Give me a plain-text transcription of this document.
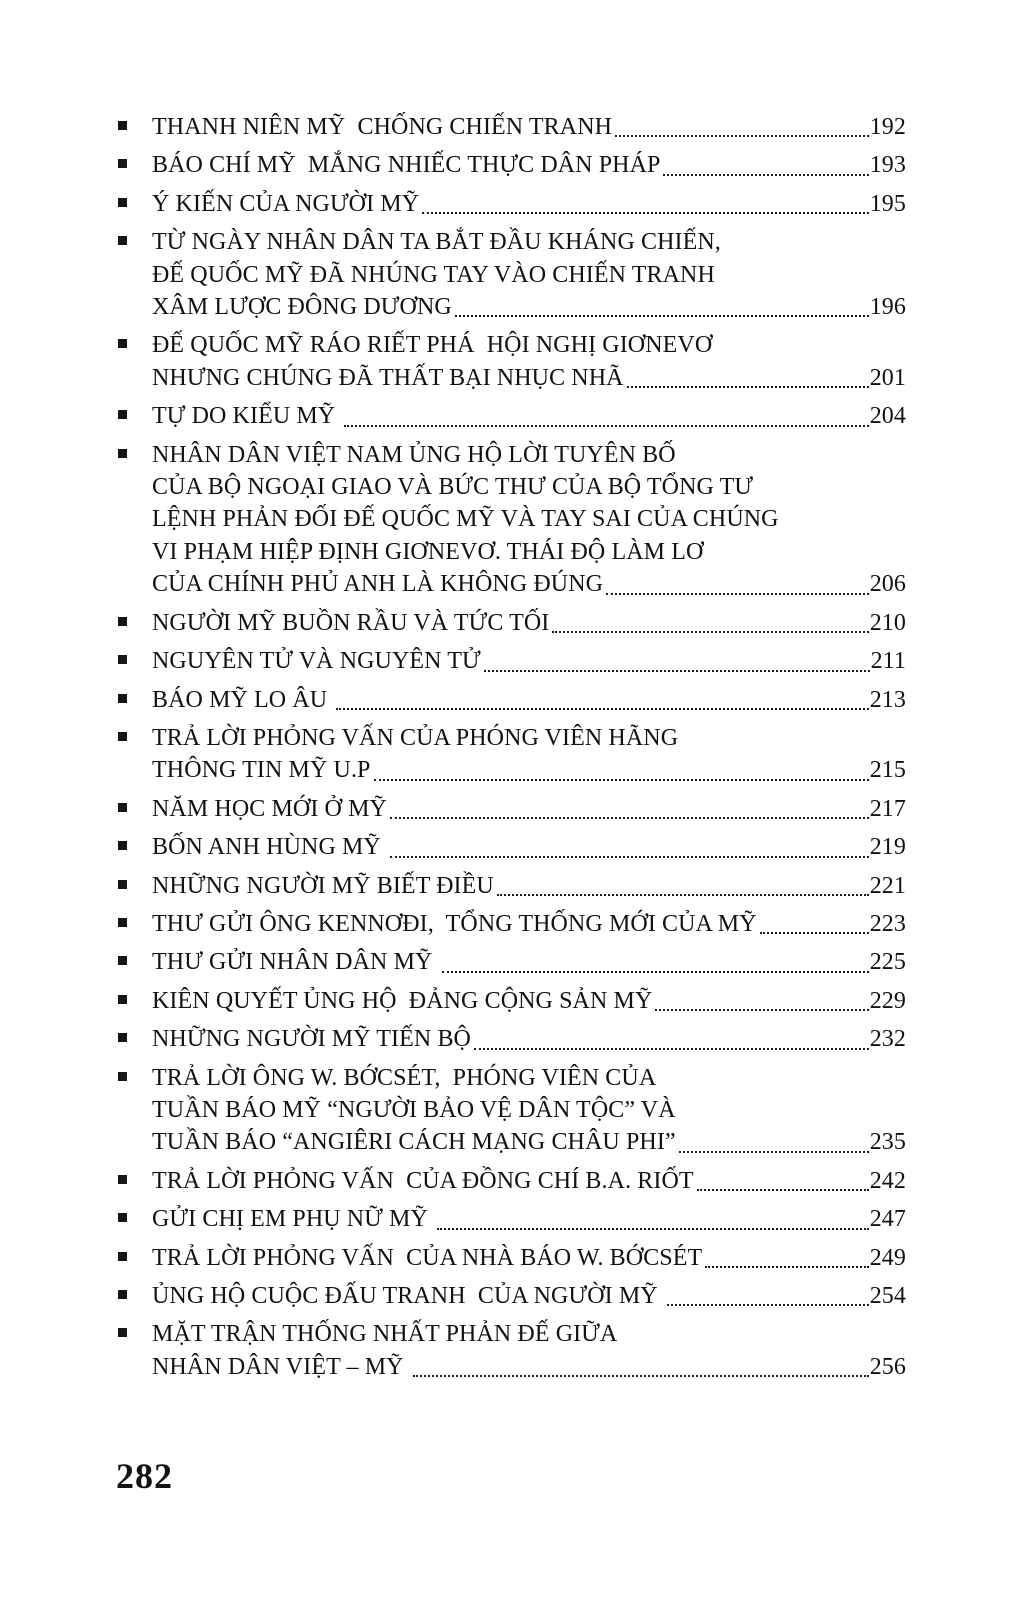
THANH NIÊN MỸ  CHỐNG CHIẾN TRANH	192
BÁO CHÍ MỸ  MẮNG NHIẾC THỰC DÂN PHÁP	193
Ý KIẾN CỦA NGƯỜI MỸ	195
TỪ NGÀY NHÂN DÂN TA BẮT ĐẦU KHÁNG CHIẾN,
ĐẾ QUỐC MỸ ĐÃ NHÚNG TAY VÀO CHIẾN TRANH
XÂM LƯỢC ĐÔNG DƯƠNG	196
ĐẾ QUỐC MỸ RÁO RIẾT PHÁ  HỘI NGHỊ GIƠNEVƠ
NHƯNG CHÚNG ĐÃ THẤT BẠI NHỤC NHÃ	201
TỰ DO KIỂU MỸ	204
NHÂN DÂN VIỆT NAM ỦNG HỘ LỜI TUYÊN BỐ
CỦA BỘ NGOẠI GIAO VÀ BỨC THƯ CỦA BỘ TỔNG TƯ
LỆNH PHẢN ĐỐI ĐẾ QUỐC MỸ VÀ TAY SAI CỦA CHÚNG
VI PHẠM HIỆP ĐỊNH GIƠNEVƠ. THÁI ĐỘ LÀM LƠ
CỦA CHÍNH PHỦ ANH LÀ KHÔNG ĐÚNG	206
NGƯỜI MỸ BUỒN RẦU VÀ TỨC TỐI	210
NGUYÊN TỬ VÀ NGUYÊN TỬ	211
BÁO MỸ LO ÂU	213
TRẢ LỜI PHỎNG VẤN CỦA PHÓNG VIÊN HÃNG
THÔNG TIN MỸ U.P	215
NĂM HỌC MỚI Ở MỸ	217
BỐN ANH HÙNG MỸ	219
NHỮNG NGƯỜI MỸ BIẾT ĐIỀU	221
THƯ GỬI ÔNG KENNƠĐI,  TỔNG THỐNG MỚI CỦA MỸ	223
THƯ GỬI NHÂN DÂN MỸ	225
KIÊN QUYẾT ỦNG HỘ  ĐẢNG CỘNG SẢN MỸ	229
NHỮNG NGƯỜI MỸ TIẾN BỘ	232
TRẢ LỜI ÔNG W. BỚCSÉT,  PHÓNG VIÊN CỦA
TUẦN BÁO MỸ “NGƯỜI BẢO VỆ DÂN TỘC” VÀ
TUẦN BÁO “ANGIÊRI CÁCH MẠNG CHÂU PHI”	235
TRẢ LỜI PHỎNG VẤN  CỦA ĐỒNG CHÍ B.A. RIỐT	242
GỬI CHỊ EM PHỤ NỮ MỸ	247
TRẢ LỜI PHỎNG VẤN  CỦA NHÀ BÁO W. BỚCSÉT	249
ỦNG HỘ CUỘC ĐẤU TRANH  CỦA NGƯỜI MỸ	254
MẶT TRẬN THỐNG NHẤT PHẢN ĐẾ GIỮA
NHÂN DÂN VIỆT – MỸ	256
282
